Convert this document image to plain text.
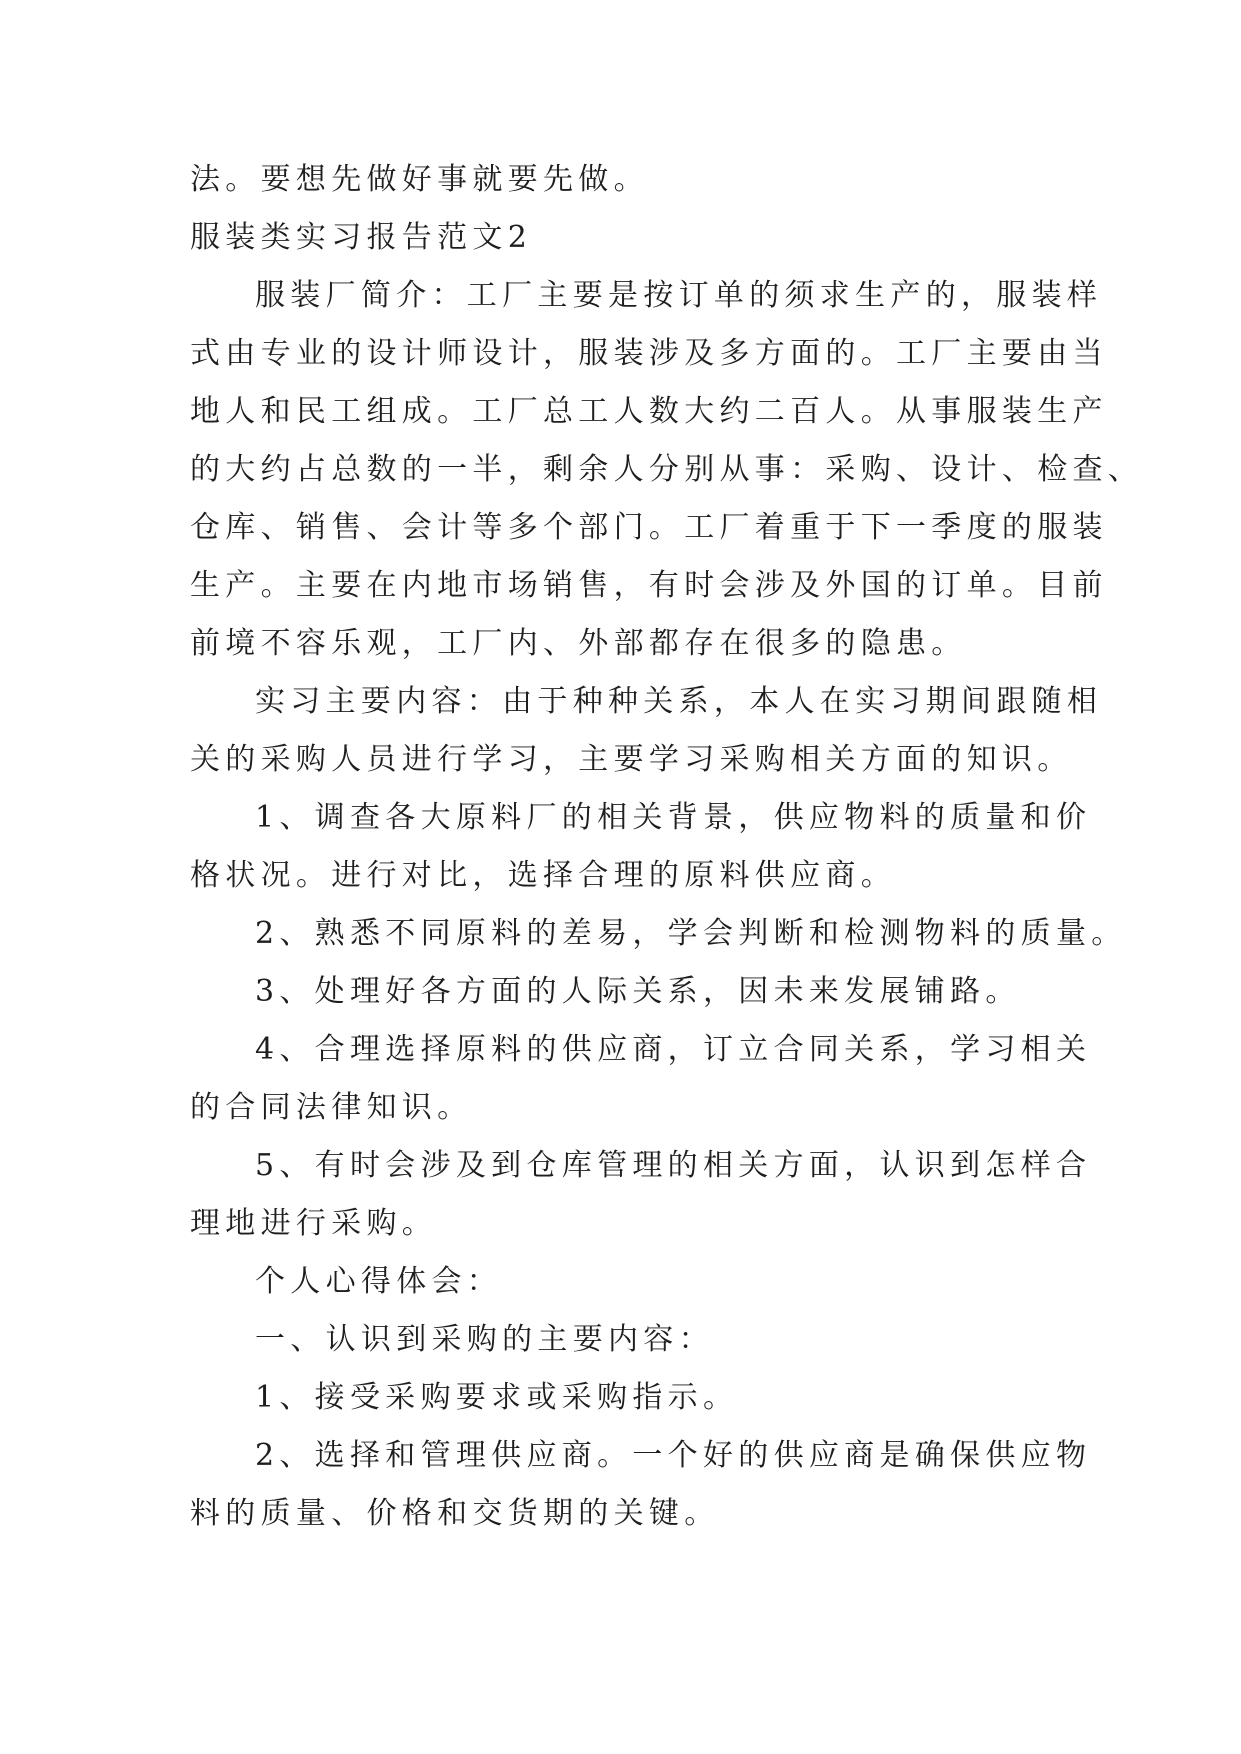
法。要想先做好事就要先做。
服装类实习报告范文2
服装厂简介：工厂主要是按订单的须求生产的，服装样
式由专业的设计师设计，服装涉及多方面的。工厂主要由当
地人和民工组成。工厂总工人数大约二百人。从事服装生产
的大约占总数的一半，剩余人分别从事：采购、设计、检查、
仓库、销售、会计等多个部门。工厂着重于下一季度的服装
生产。主要在内地市场销售，有时会涉及外国的订单。目前
前境不容乐观，工厂内、外部都存在很多的隐患。
实习主要内容：由于种种关系，本人在实习期间跟随相
关的采购人员进行学习，主要学习采购相关方面的知识。
1、调查各大原料厂的相关背景，供应物料的质量和价
格状况。进行对比，选择合理的原料供应商。
2、熟悉不同原料的差易，学会判断和检测物料的质量。
3、处理好各方面的人际关系，因未来发展铺路。
4、合理选择原料的供应商，订立合同关系，学习相关
的合同法律知识。
5、有时会涉及到仓库管理的相关方面，认识到怎样合
理地进行采购。
个人心得体会：
一、认识到采购的主要内容：
1、接受采购要求或采购指示。
2、选择和管理供应商。一个好的供应商是确保供应物
料的质量、价格和交货期的关键。
